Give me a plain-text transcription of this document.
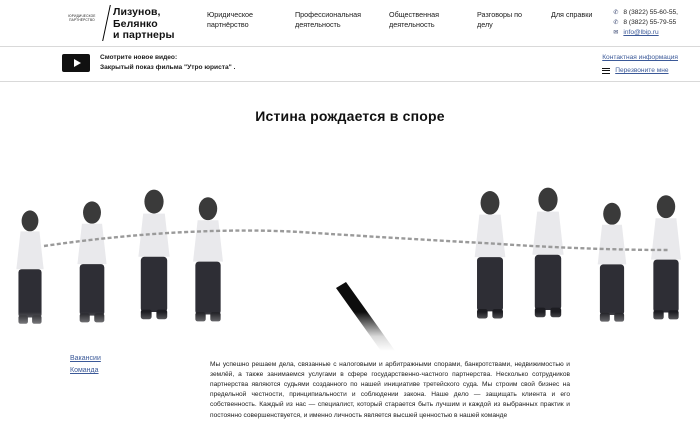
ЮРИДИЧЕСКОЕ
ПАРТНЁРСТВО
Лизунов,
Белянко
и партнеры
Юридическое партнёрство
Профессиональная деятельность
Общественная деятельность
Разговоры по делу
Для справки	✆ 8 (3822) 55-60-55,
✆ 8 (3822) 55-79-55
✉ info@lbip.ru
Смотрите новое видео:
Закрытый показ фильма "Утро юриста" .
Контактная информация
Перезвоните мне
Истина рождается в споре
Вакансии
Команда

Мы успешно решаем дела, связанные с налоговыми и арбитражными спорами, банкротствами, недвижимостью и землёй, а также занимаемся услугами в сфере государственно-частного партнерства. Несколько сотрудников партнерства являются судьями созданного по нашей инициативе третейского суда. Мы строим свой бизнес на предельной честности, принципиальности и соблюдении закона. Наше дело — защищать клиента и его собственность. Каждый из нас — специалист, который старается быть лучшим и каждой из выбранных практик и постоянно совершенствуется, и именно личность является высшей ценностью в нашей команде
